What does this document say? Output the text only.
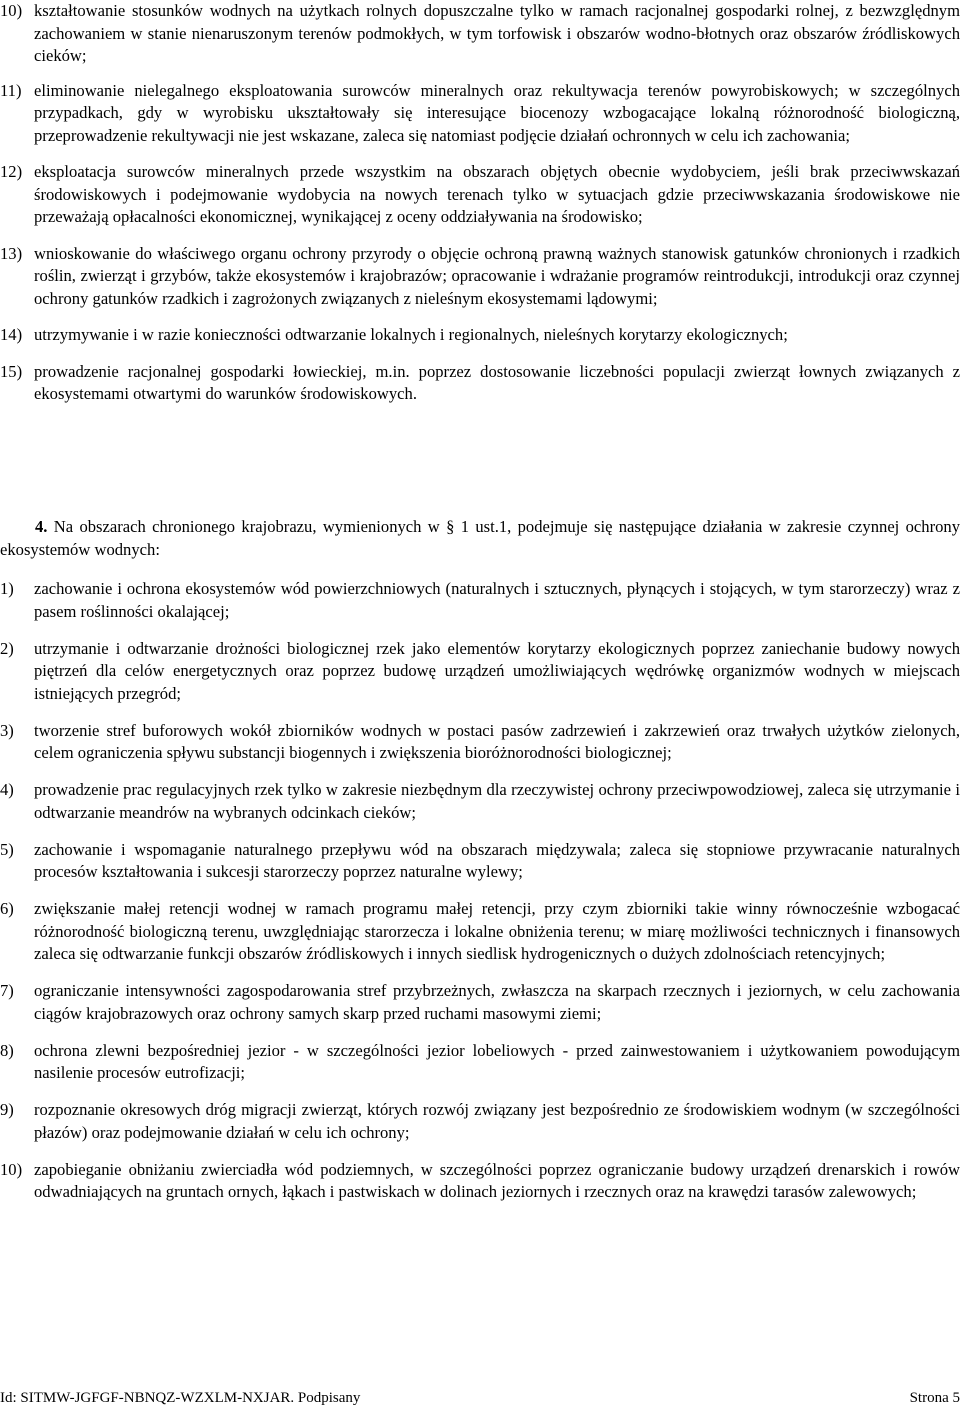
10) kształtowanie stosunków wodnych na użytkach rolnych dopuszczalne tylko w ramach racjonalnej gospodarki rolnej, z bezwzględnym zachowaniem w stanie nienaruszonym terenów podmokłych, w tym torfowisk i obszarów wodno-błotnych oraz obszarów źródliskowych cieków;
11) eliminowanie nielegalnego eksploatowania surowców mineralnych oraz rekultywacja terenów powyrobiskowych; w szczególnych przypadkach, gdy w wyrobisku ukształtowały się interesujące biocenozy wzbogacające lokalną różnorodność biologiczną, przeprowadzenie rekultywacji nie jest wskazane, zaleca się natomiast podjęcie działań ochronnych w celu ich zachowania;
12) eksploatacja surowców mineralnych przede wszystkim na obszarach objętych obecnie wydobyciem, jeśli brak przeciwwskazań środowiskowych i podejmowanie wydobycia na nowych terenach tylko w sytuacjach gdzie przeciwwskazania środowiskowe nie przeważają opłacalności ekonomicznej, wynikającej z oceny oddziaływania na środowisko;
13) wnioskowanie do właściwego organu ochrony przyrody o objęcie ochroną prawną ważnych stanowisk gatunków chronionych i rzadkich roślin, zwierząt i grzybów, także ekosystemów i krajobrazów; opracowanie i wdrażanie programów reintrodukcji, introdukcji oraz czynnej ochrony gatunków rzadkich i zagrożonych związanych z nieleśnym ekosystemami lądowymi;
14) utrzymywanie i w razie konieczności odtwarzanie lokalnych i regionalnych, nieleśnych korytarzy ekologicznych;
15) prowadzenie racjonalnej gospodarki łowieckiej, m.in. poprzez dostosowanie liczebności populacji zwierząt łownych związanych z ekosystemami otwartymi do warunków środowiskowych.

4. Na obszarach chronionego krajobrazu, wymienionych w § 1 ust.1, podejmuje się następujące działania w zakresie czynnej ochrony ekosystemów wodnych:

1)	zachowanie i ochrona ekosystemów wód powierzchniowych (naturalnych i sztucznych, płynących i stojących, w tym starorzeczy) wraz z pasem roślinności okalającej;
2)	utrzymanie i odtwarzanie drożności biologicznej rzek jako elementów korytarzy ekologicznych poprzez zaniechanie budowy nowych piętrzeń dla celów energetycznych oraz poprzez budowę urządzeń umożliwiających wędrówkę organizmów wodnych w miejscach istniejących przegród;
3)	tworzenie stref buforowych wokół zbiorników wodnych w postaci pasów zadrzewień i zakrzewień oraz trwałych użytków zielonych, celem ograniczenia spływu substancji biogennych i zwiększenia bioróżnorodności biologicznej;
4)	prowadzenie prac regulacyjnych rzek tylko w zakresie niezbędnym dla rzeczywistej ochrony przeciwpowodziowej, zaleca się utrzymanie i odtwarzanie meandrów na wybranych odcinkach cieków;
5)	zachowanie i wspomaganie naturalnego przepływu wód na obszarach międzywala; zaleca się stopniowe przywracanie naturalnych procesów kształtowania i sukcesji starorzeczy poprzez naturalne wylewy;
6)	zwiększanie małej retencji wodnej w ramach programu małej retencji, przy czym zbiorniki takie winny równocześnie wzbogacać różnorodność biologiczną terenu, uwzględniając starorzecza i lokalne obniżenia terenu; w miarę możliwości technicznych i finansowych zaleca się odtwarzanie funkcji obszarów źródliskowych i innych siedlisk hydrogenicznych o dużych zdolnościach retencyjnych;
7)	ograniczanie intensywności zagospodarowania stref przybrzeżnych, zwłaszcza na skarpach rzecznych i jeziornych, w celu zachowania ciągów krajobrazowych oraz ochrony samych skarp przed ruchami masowymi ziemi;
8)	ochrona zlewni bezpośredniej jezior - w szczególności jezior lobeliowych - przed zainwestowaniem i użytkowaniem powodującym nasilenie procesów eutrofizacji;
9)	rozpoznanie okresowych dróg migracji zwierząt, których rozwój związany jest bezpośrednio ze środowiskiem wodnym (w szczególności płazów) oraz podejmowanie działań w celu ich ochrony;
10) zapobieganie obniżaniu zwierciadła wód podziemnych, w szczególności poprzez ograniczanie budowy urządzeń drenarskich i rowów odwadniających na gruntach ornych, łąkach i pastwiskach w dolinach jeziornych i rzecznych oraz na krawędzi tarasów zalewowych;
Id: SITMW-JGFGF-NBNQZ-WZXLM-NXJAR. Podpisany	Strona 5
